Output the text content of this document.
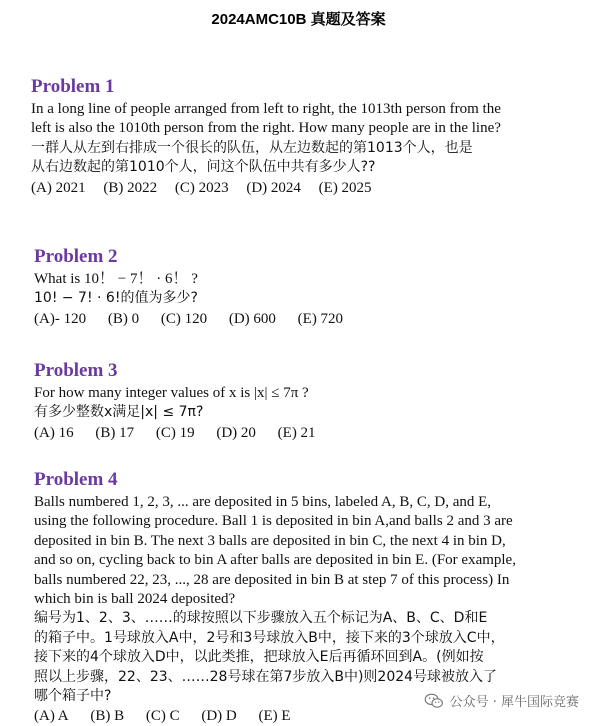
2024AMC10B 真题及答案
Problem 1
In a long line of people arranged from left to right, the 1013th person from the
left is also the 1010th person from the right. How many people are in the line?
一群人从左到右排成一个很长的队伍，从左边数起的第1013个人，也是
从右边数起的第1010个人，问这个队伍中共有多少人??
(A) 2021 (B) 2022 (C) 2023 (D) 2024 (E) 2025
Problem 2
What is 10！ − 7！ · 6！ ?
10! − 7! · 6!的值为多少?
(A)- 120 (B) 0 (C) 120 (D) 600 (E) 720
Problem 3
For how many integer values of x is |x| ≤ 7π ?
有多少整数x满足|x| ≤ 7π?
(A) 16 (B) 17 (C) 19 (D) 20 (E) 21
Problem 4
Balls numbered 1, 2, 3, ... are deposited in 5 bins, labeled A, B, C, D, and E,
using the following procedure. Ball 1 is deposited in bin A,and balls 2 and 3 are
deposited in bin B. The next 3 balls are deposited in bin C, the next 4 in bin D,
and so on, cycling back to bin A after balls are deposited in bin E. (For example,
balls numbered 22, 23, ..., 28 are deposited in bin B at step 7 of this process) In
which bin is ball 2024 deposited?
编号为1、2、3、……的球按照以下步骤放入五个标记为A、B、C、D和E
的箱子中。1号球放入A中，2号和3号球放入B中，接下来的3个球放入C中，
接下来的4个球放入D中，以此类推，把球放入E后再循环回到A。(例如按
照以上步骤，22、23、……28号球在第7步放入B中)则2024号球被放入了
哪个箱子中?
(A) A (B) B (C) C (D) D (E) E
公众号 · 犀牛国际竞赛
